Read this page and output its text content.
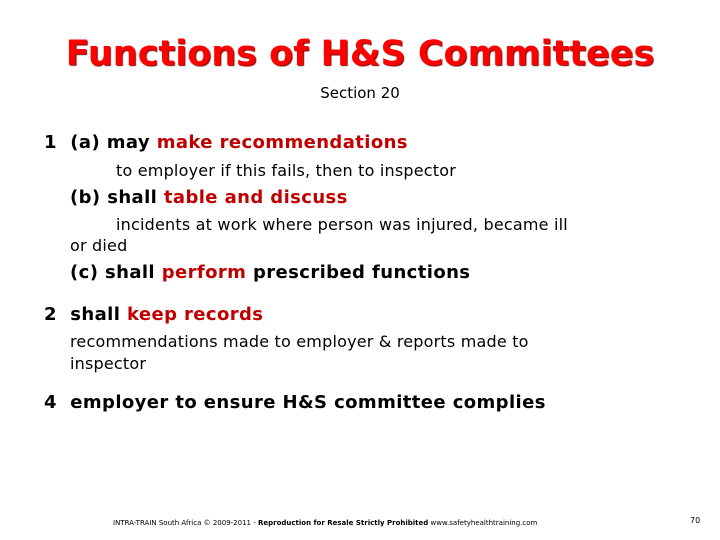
Functions of H&S Committees
Section 20
1 (a) may make recommendations
to employer if this fails, then to inspector
(b) shall table and discuss
incidents at work where person was injured, became ill
or died
(c) shall perform prescribed functions
2 shall keep records
recommendations made to employer & reports made to
inspector
4 employer to ensure H&S committee complies
INTRA-TRAIN South Africa © 2009-2011 - Reproduction for Resale Strictly Prohibited www.safetyhealthtraining.com	70
